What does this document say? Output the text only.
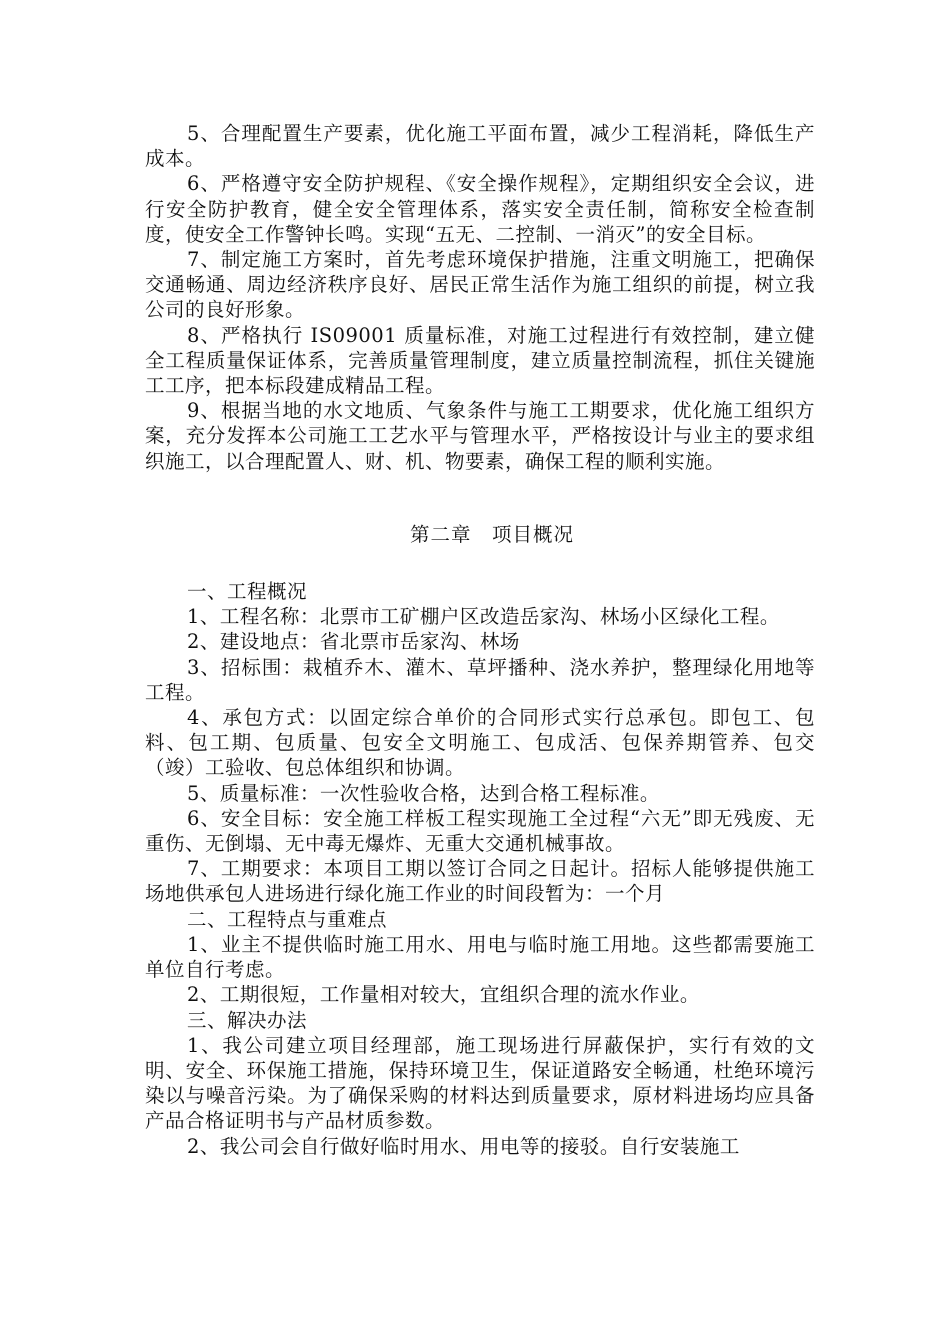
5、合理配置生产要素，优化施工平面布置，减少工程消耗，降低生产成本。

6、严格遵守安全防护规程、《安全操作规程》，定期组织安全会议，进行安全防护教育，健全安全管理体系，落实安全责任制，简称安全检查制度，使安全工作警钟长鸣。实现“五无、二控制、一消灭”的安全目标。

7、制定施工方案时，首先考虑环境保护措施，注重文明施工，把确保交通畅通、周边经济秩序良好、居民正常生活作为施工组织的前提，树立我公司的良好形象。

8、严格执行 IS09001 质量标准，对施工过程进行有效控制，建立健全工程质量保证体系，完善质量管理制度，建立质量控制流程，抓住关键施工工序，把本标段建成精品工程。

9、根据当地的水文地质、气象条件与施工工期要求，优化施工组织方案，充分发挥本公司施工工艺水平与管理水平，严格按设计与业主的要求组织施工，以合理配置人、财、机、物要素，确保工程的顺利实施。

第二章　项目概况

一、工程概况

1、工程名称：北票市工矿棚户区改造岳家沟、林场小区绿化工程。

2、建设地点：省北票市岳家沟、林场

3、招标围：栽植乔木、灌木、草坪播种、浇水养护，整理绿化用地等工程。

4、承包方式：以固定综合单价的合同形式实行总承包。即包工、包料、包工期、包质量、包安全文明施工、包成活、包保养期管养、包交（竣）工验收、包总体组织和协调。

5、质量标准：一次性验收合格，达到合格工程标准。

6、安全目标：安全施工样板工程实现施工全过程“六无”即无残废、无重伤、无倒塌、无中毒无爆炸、无重大交通机械事故。

7、工期要求：本项目工期以签订合同之日起计。招标人能够提供施工场地供承包人进场进行绿化施工作业的时间段暂为：一个月

二、工程特点与重难点

1、业主不提供临时施工用水、用电与临时施工用地。这些都需要施工单位自行考虑。

2、工期很短，工作量相对较大，宜组织合理的流水作业。

三、解决办法

1、我公司建立项目经理部，施工现场进行屏蔽保护，实行有效的文明、安全、环保施工措施，保持环境卫生，保证道路安全畅通，杜绝环境污染以与噪音污染。为了确保采购的材料达到质量要求，原材料进场均应具备产品合格证明书与产品材质参数。

2、我公司会自行做好临时用水、用电等的接驳。自行安装施工
